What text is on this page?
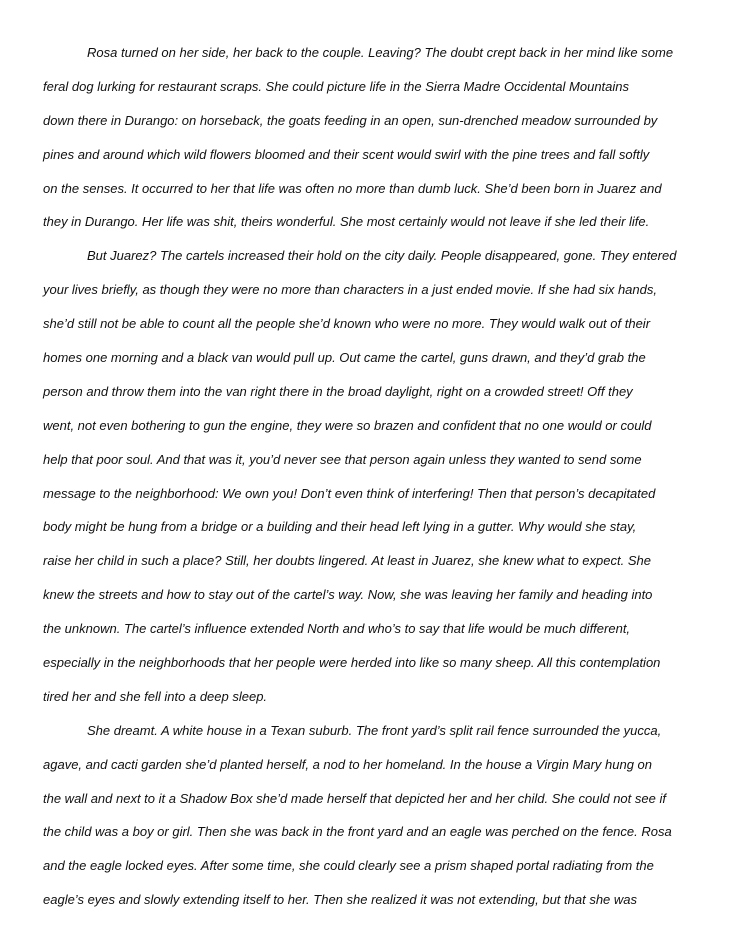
Rosa turned on her side, her back to the couple. Leaving? The doubt crept back in her mind like some
feral dog lurking for restaurant scraps. She could picture life in the Sierra Madre Occidental Mountains
down there in Durango: on horseback, the goats feeding in an open, sun-drenched meadow surrounded by
pines and around which wild flowers bloomed and their scent would swirl with the pine trees and fall softly
on the senses. It occurred to her that life was often no more than dumb luck. She’d been born in Juarez and
they in Durango. Her life was shit, theirs wonderful. She most certainly would not leave if she led their life.
But Juarez? The cartels increased their hold on the city daily. People disappeared, gone. They entered
your lives briefly, as though they were no more than characters in a just ended movie. If she had six hands,
she’d still not be able to count all the people she’d known who were no more. They would walk out of their
homes one morning and a black van would pull up. Out came the cartel, guns drawn, and they’d grab the
person and throw them into the van right there in the broad daylight, right on a crowded street! Off they
went, not even bothering to gun the engine, they were so brazen and confident that no one would or could
help that poor soul. And that was it, you’d never see that person again unless they wanted to send some
message to the neighborhood: We own you! Don’t even think of interfering! Then that person’s decapitated
body might be hung from a bridge or a building and their head left lying in a gutter. Why would she stay,
raise her child in such a place? Still, her doubts lingered. At least in Juarez, she knew what to expect. She
knew the streets and how to stay out of the cartel’s way. Now, she was leaving her family and heading into
the unknown. The cartel’s influence extended North and who’s to say that life would be much different,
especially in the neighborhoods that her people were herded into like so many sheep. All this contemplation
tired her and she fell into a deep sleep.
She dreamt. A white house in a Texan suburb. The front yard’s split rail fence surrounded the yucca,
agave, and cacti garden she’d planted herself, a nod to her homeland. In the house a Virgin Mary hung on
the wall and next to it a Shadow Box she’d made herself that depicted her and her child. She could not see if
the child was a boy or girl. Then she was back in the front yard and an eagle was perched on the fence. Rosa
and the eagle locked eyes. After some time, she could clearly see a prism shaped portal radiating from the
eagle’s eyes and slowly extending itself to her. Then she realized it was not extending, but that she was
